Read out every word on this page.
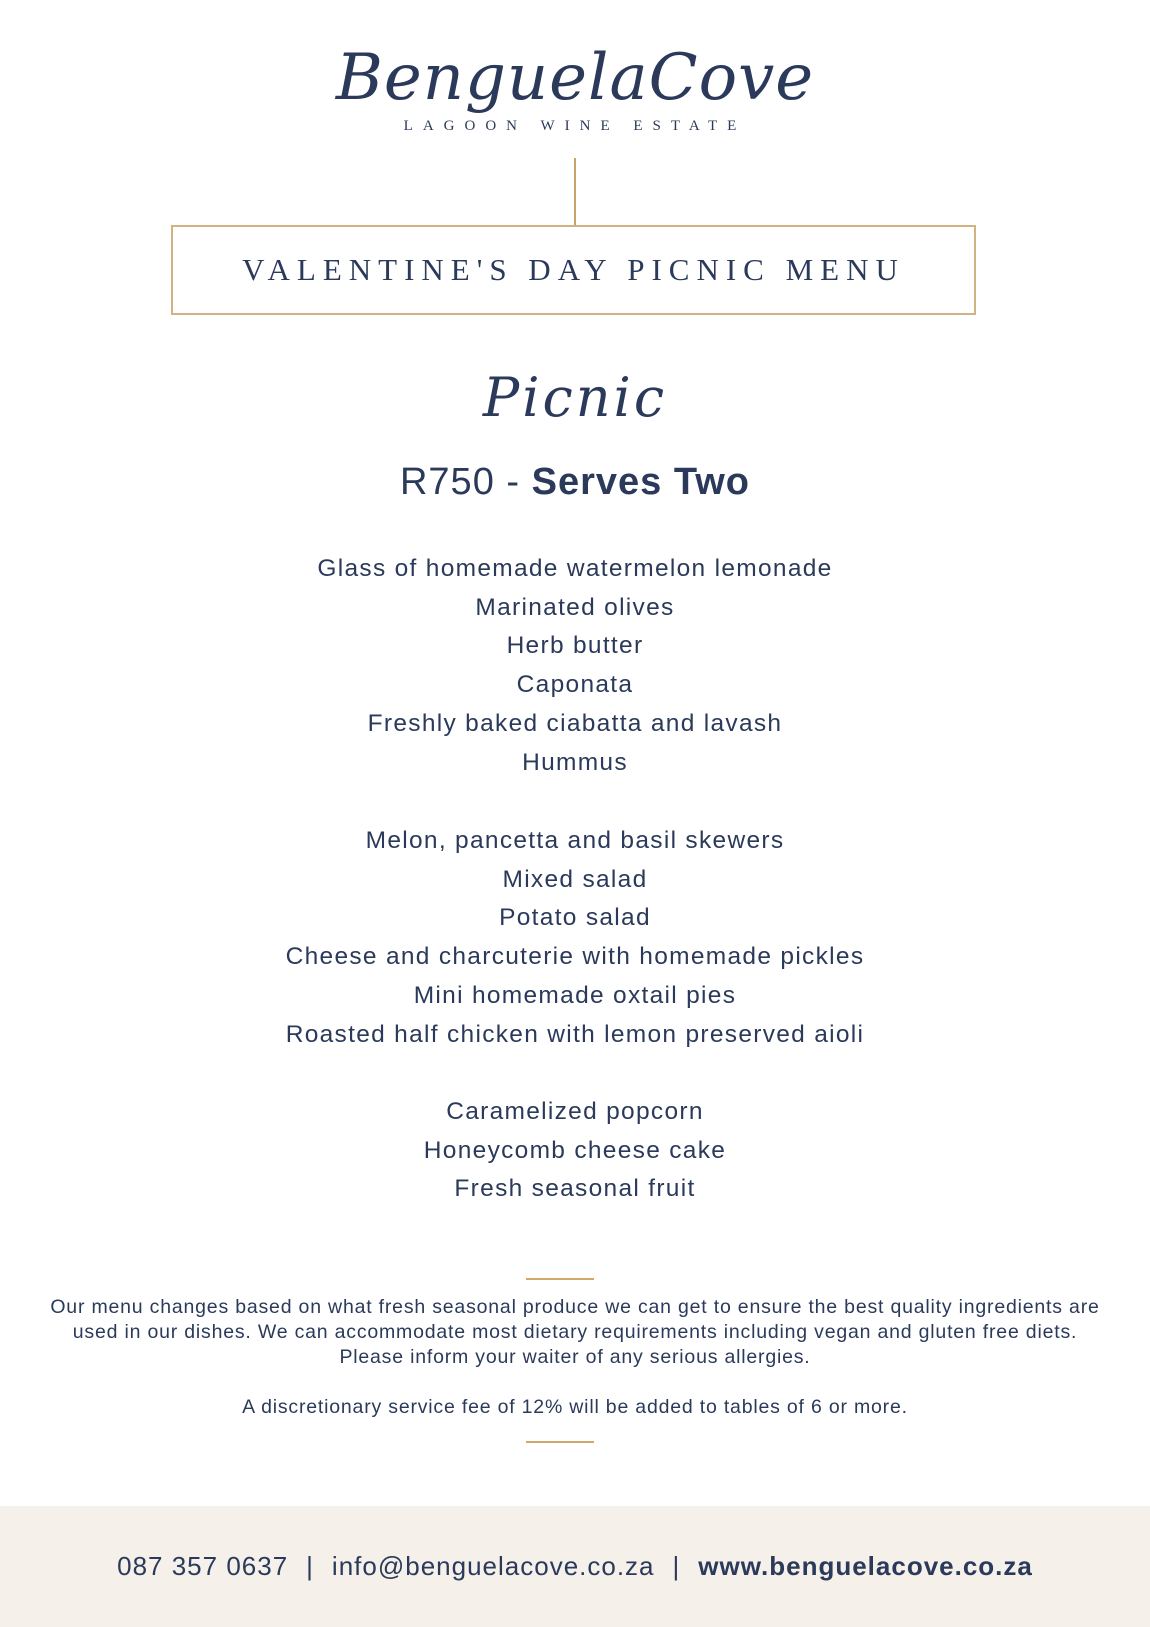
BenguelaCove
LAGOON WINE ESTATE
VALENTINE'S DAY PICNIC MENU
Picnic
R750 - Serves Two
Glass of homemade watermelon lemonade
Marinated olives
Herb butter
Caponata
Freshly baked ciabatta and lavash
Hummus
Melon, pancetta and basil skewers
Mixed salad
Potato salad
Cheese and charcuterie with homemade pickles
Mini homemade oxtail pies
Roasted half chicken with lemon preserved aioli
Caramelized popcorn
Honeycomb cheese cake
Fresh seasonal fruit
Our menu changes based on what fresh seasonal produce we can get to ensure the best quality ingredients are used in our dishes. We can accommodate most dietary requirements including vegan and gluten free diets. Please inform your waiter of any serious allergies.
A discretionary service fee of 12% will be added to tables of 6 or more.
087 357 0637 | info@benguelacove.co.za | www.benguelacove.co.za
